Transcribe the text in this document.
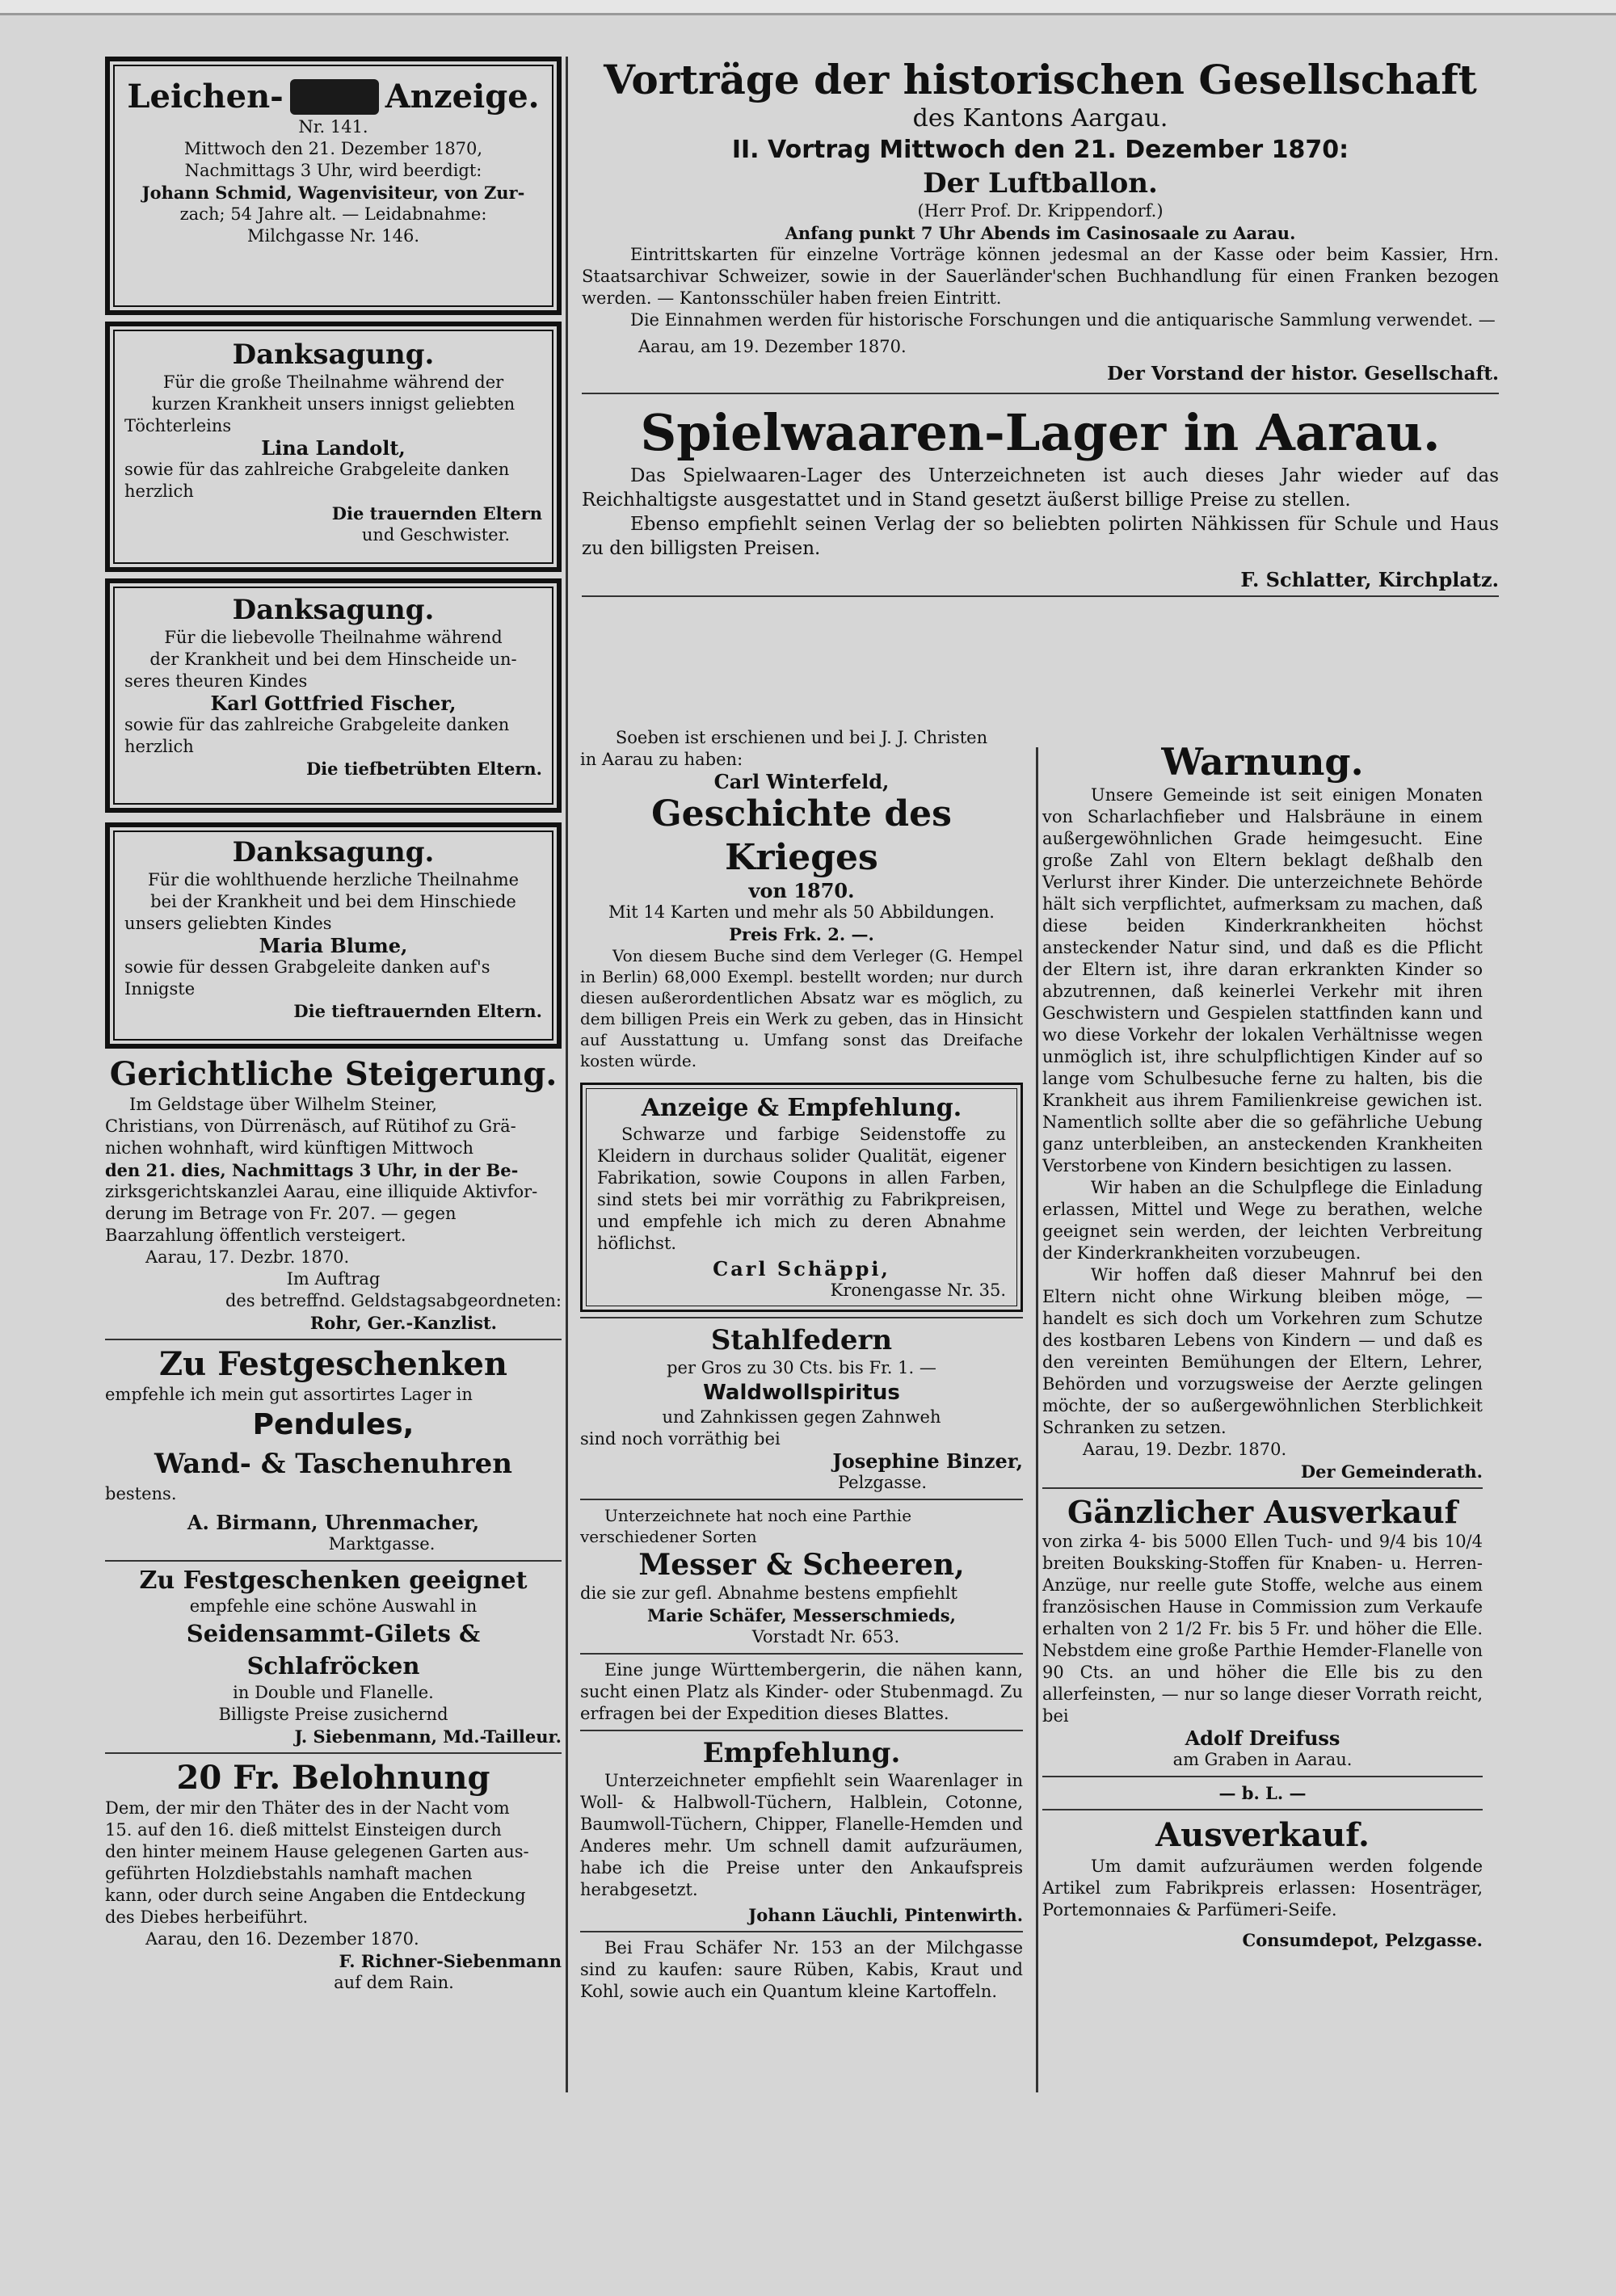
Leichen-	Anzeige.

Nr. 141.

Mittwoch den 21. Dezember 1870,

Nachmittags 3 Uhr, wird beerdigt:

Johann Schmid, Wagenvisiteur, von Zur-

zach; 54 Jahre alt. — Leidabnahme:

Milchgasse Nr. 146.

Danksagung.

Für die große Theilnahme während der

kurzen Krankheit unsers innigst geliebten

Töchterleins

Lina Landolt,

sowie für das zahlreiche Grabgeleite danken

herzlich

Die trauernden Eltern

und Geschwister.

Danksagung.

Für die liebevolle Theilnahme während

der Krankheit und bei dem Hinscheide un-

seres theuren Kindes

Karl Gottfried Fischer,

sowie für das zahlreiche Grabgeleite danken

herzlich

Die tiefbetrübten Eltern.

Danksagung.

Für die wohlthuende herzliche Theilnahme

bei der Krankheit und bei dem Hinschiede

unsers geliebten Kindes

Maria Blume,

sowie für dessen Grabgeleite danken auf's

Innigste

Die tieftrauernden Eltern.

Gerichtliche Steigerung.

Im Geldstage über Wilhelm Steiner,

Christians, von Dürrenäsch, auf Rütihof zu Grä-

nichen wohnhaft, wird künftigen Mittwoch

den 21. dies, Nachmittags 3 Uhr, in der Be-

zirksgerichtskanzlei Aarau, eine illiquide Aktivfor-

derung im Betrage von Fr. 207. — gegen

Baarzahlung öffentlich versteigert.

Aarau, 17. Dezbr. 1870.

Im Auftrag

des betreffnd. Geldstagsabgeordneten:

Rohr, Ger.-Kanzlist.

Zu Festgeschenken

empfehle ich mein gut assortirtes Lager in

Pendules,
Wand- & Taschenuhren

bestens.

A. Birmann, Uhrenmacher,

Marktgasse.

Zu Festgeschenken geeignet

empfehle eine schöne Auswahl in

Seidensammt-Gilets & Schlafröcken

in Double und Flanelle.

Billigste Preise zusichernd

J. Siebenmann, Md.-Tailleur.

20 Fr. Belohnung

Dem, der mir den Thäter des in der Nacht vom

15. auf den 16. dieß mittelst Einsteigen durch

den hinter meinem Hause gelegenen Garten aus-

geführten Holzdiebstahls namhaft machen

kann, oder durch seine Angaben die Entdeckung

des Diebes herbeiführt.

Aarau, den 16. Dezember 1870.

F. Richner-Siebenmann

auf dem Rain.

Vorträge der historischen Gesellschaft
des Kantons Aargau.
II. Vortrag Mittwoch den 21. Dezember 1870:
Der Luftballon.

(Herr Prof. Dr. Krippendorf.)

Anfang punkt 7 Uhr Abends im Casinosaale zu Aarau.

Eintrittskarten für einzelne Vorträge können jedesmal an der Kasse oder beim Kassier, Hrn. Staatsarchivar Schweizer, sowie in der Sauerländer'schen Buchhandlung für einen Franken bezogen werden. — Kantonsschüler haben freien Eintritt.

Die Einnahmen werden für historische Forschungen und die antiquarische Sammlung verwendet. —

Aarau, am 19. Dezember 1870.

Der Vorstand der histor. Gesellschaft.

Spielwaaren-Lager in Aarau.

Das Spielwaaren-Lager des Unterzeichneten ist auch dieses Jahr wieder auf das Reichhaltigste ausgestattet und in Stand gesetzt äußerst billige Preise zu stellen.

Ebenso empfiehlt seinen Verlag der so beliebten polirten Nähkissen für Schule und Haus zu den billigsten Preisen.

F. Schlatter, Kirchplatz.

Soeben ist erschienen und bei J. J. Christen

in Aarau zu haben:

Carl Winterfeld,

Geschichte des Krieges

von 1870.

Mit 14 Karten und mehr als 50 Abbildungen.

Preis Frk. 2. —.

Von diesem Buche sind dem Verleger (G. Hempel in Berlin) 68,000 Exempl. bestellt worden; nur durch diesen außerordentlichen Absatz war es möglich, zu dem billigen Preis ein Werk zu geben, das in Hinsicht auf Ausstattung u. Umfang sonst das Dreifache kosten würde.

Anzeige & Empfehlung.

Schwarze und farbige Seidenstoffe zu Kleidern in durchaus solider Qualität, eigener Fabrikation, sowie Coupons in allen Farben, sind stets bei mir vorräthig zu Fabrikpreisen, und empfehle ich mich zu deren Abnahme höflichst.

Carl Schäppi,

Kronengasse Nr. 35.

Stahlfedern

per Gros zu 30 Cts. bis Fr. 1. —

Waldwollspiritus

und Zahnkissen gegen Zahnweh

sind noch vorräthig bei

Josephine Binzer,

Pelzgasse.

Unterzeichnete hat noch eine Parthie verschiedener Sorten

Messer & Scheeren,

die sie zur gefl. Abnahme bestens empfiehlt

Marie Schäfer, Messerschmieds,

Vorstadt Nr. 653.

Eine junge Württembergerin, die nähen kann, sucht einen Platz als Kinder- oder Stubenmagd. Zu erfragen bei der Expedition dieses Blattes.

Empfehlung.

Unterzeichneter empfiehlt sein Waarenlager in Woll- & Halbwoll-Tüchern, Halblein, Cotonne, Baumwoll-Tüchern, Chipper, Flanelle-Hemden und Anderes mehr. Um schnell damit aufzuräumen, habe ich die Preise unter den Ankaufspreis herabgesetzt.

Johann Läuchli, Pintenwirth.

Bei Frau Schäfer Nr. 153 an der Milchgasse sind zu kaufen: saure Rüben, Kabis, Kraut und Kohl, sowie auch ein Quantum kleine Kartoffeln.

Warnung.

Unsere Gemeinde ist seit einigen Monaten von Scharlachfieber und Halsbräune in einem außergewöhnlichen Grade heimgesucht. Eine große Zahl von Eltern beklagt deßhalb den Verlurst ihrer Kinder. Die unterzeichnete Behörde hält sich verpflichtet, aufmerksam zu machen, daß diese beiden Kinderkrankheiten höchst ansteckender Natur sind, und daß es die Pflicht der Eltern ist, ihre daran erkrankten Kinder so abzutrennen, daß keinerlei Verkehr mit ihren Geschwistern und Gespielen stattfinden kann und wo diese Vorkehr der lokalen Verhältnisse wegen unmöglich ist, ihre schulpflichtigen Kinder auf so lange vom Schulbesuche ferne zu halten, bis die Krankheit aus ihrem Familienkreise gewichen ist. Namentlich sollte aber die so gefährliche Uebung ganz unterbleiben, an ansteckenden Krankheiten Verstorbene von Kindern besichtigen zu lassen.

Wir haben an die Schulpflege die Einladung erlassen, Mittel und Wege zu berathen, welche geeignet sein werden, der leichten Verbreitung der Kinderkrankheiten vorzubeugen.

Wir hoffen daß dieser Mahnruf bei den Eltern nicht ohne Wirkung bleiben möge, — handelt es sich doch um Vorkehren zum Schutze des kostbaren Lebens von Kindern — und daß es den vereinten Bemühungen der Eltern, Lehrer, Behörden und vorzugsweise der Aerzte gelingen möchte, der so außergewöhnlichen Sterblichkeit Schranken zu setzen.

Aarau, 19. Dezbr. 1870.

Der Gemeinderath.

Gänzlicher Ausverkauf

von zirka 4- bis 5000 Ellen Tuch- und 9/4 bis 10/4 breiten Bouksking-Stoffen für Knaben- u. Herren-Anzüge, nur reelle gute Stoffe, welche aus einem französischen Hause in Commission zum Verkaufe erhalten von 2 1/2 Fr. bis 5 Fr. und höher die Elle. Nebstdem eine große Parthie Hemder-Flanelle von 90 Cts. an und höher die Elle bis zu den allerfeinsten, — nur so lange dieser Vorrath reicht, bei

Adolf Dreifuss

am Graben in Aarau.

— b. L. —

Ausverkauf.

Um damit aufzuräumen werden folgende Artikel zum Fabrikpreis erlassen: Hosenträger, Portemonnaies & Parfümeri-Seife.

Consumdepot, Pelzgasse.
